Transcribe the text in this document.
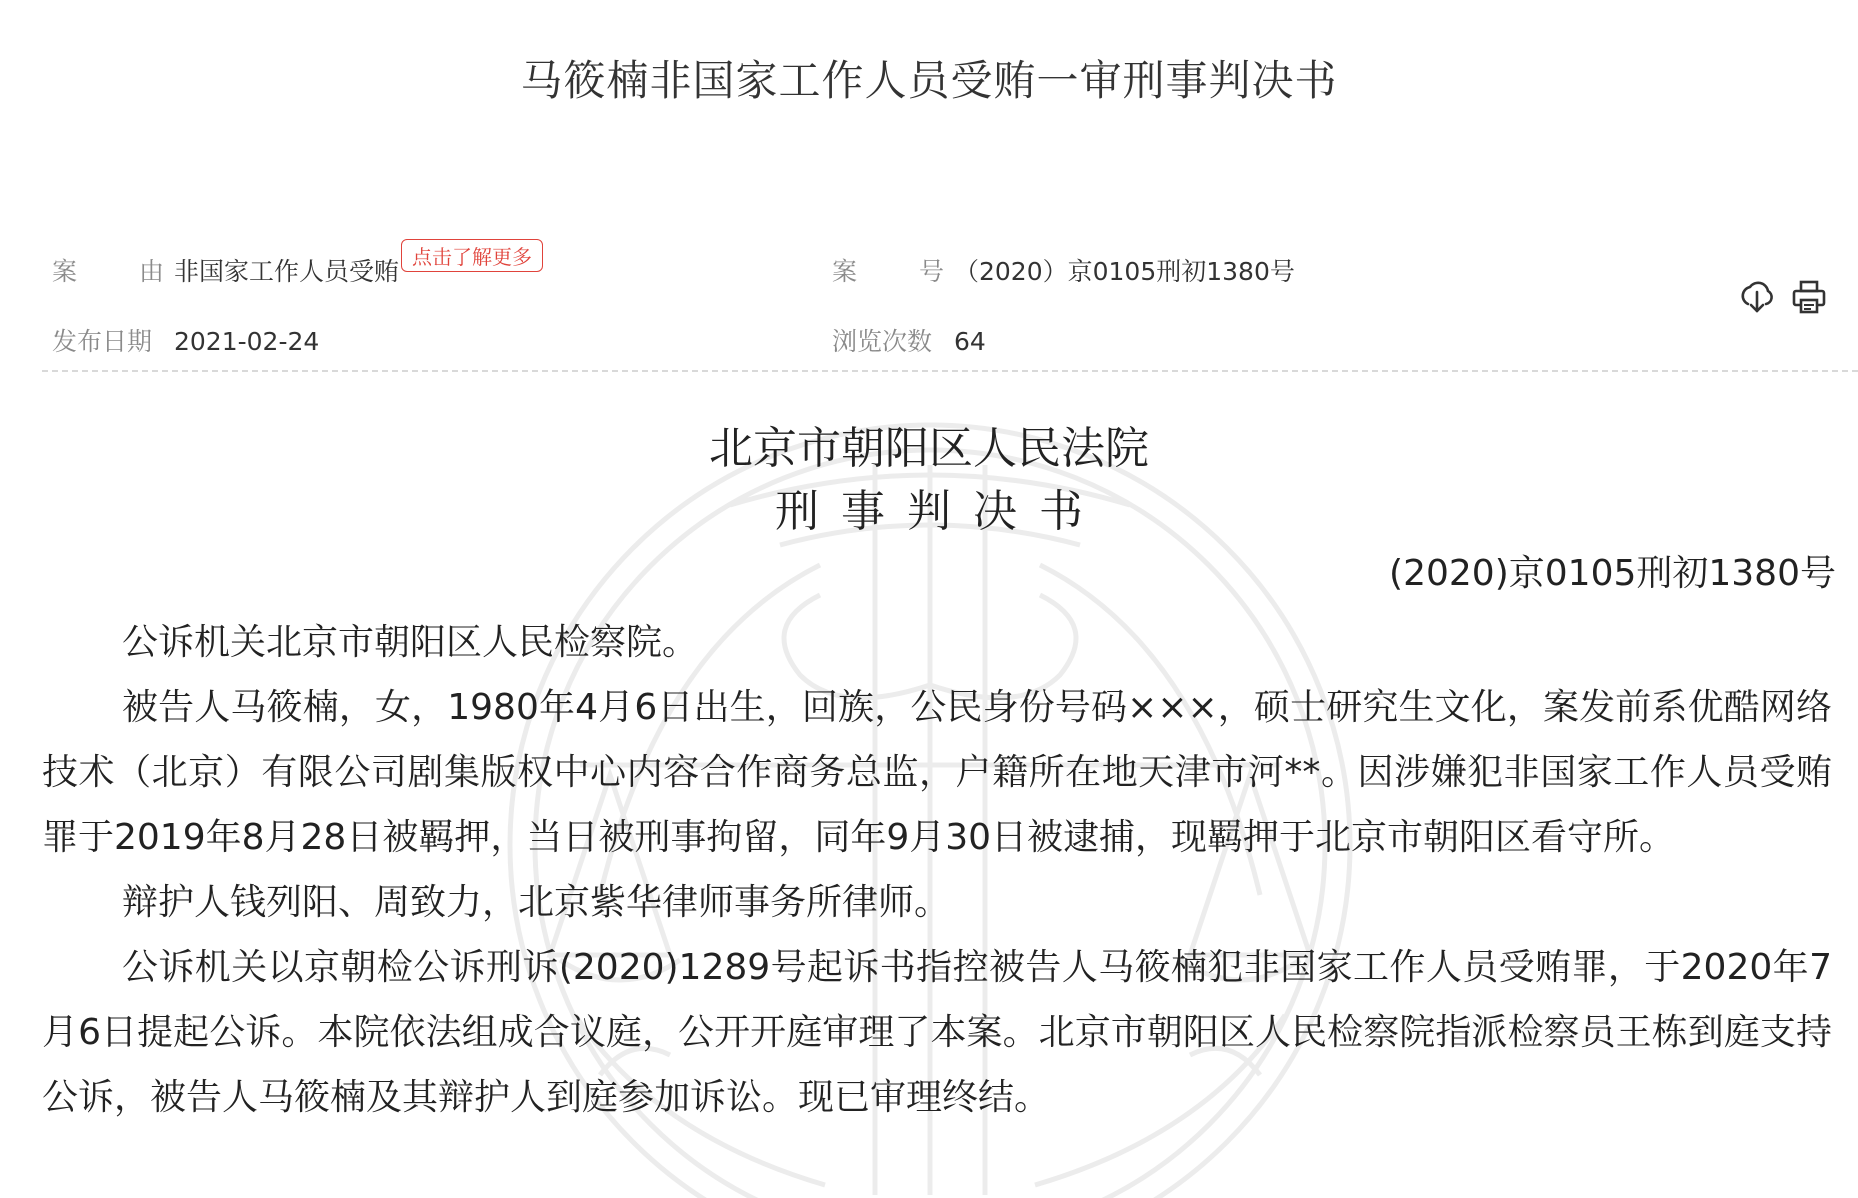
马筱楠非国家工作人员受贿一审刑事判决书
案由 非国家工作人员受贿 点击了解更多	案号 （2020）京0105刑初1380号
发布日期 2021-02-24	浏览次数 64
北京市朝阳区人民法院
刑事判决书
(2020)京0105刑初1380号

公诉机关北京市朝阳区人民检察院。

被告人马筱楠，女，1980年4月6日出生，回族，公民身份号码×××，硕士研究生文化，案发前系优酷网络技术（北京）有限公司剧集版权中心内容合作商务总监，户籍所在地天津市河**。因涉嫌犯非国家工作人员受贿罪于2019年8月28日被羁押，当日被刑事拘留，同年9月30日被逮捕，现羁押于北京市朝阳区看守所。

辩护人钱列阳、周致力，北京紫华律师事务所律师。

公诉机关以京朝检公诉刑诉(2020)1289号起诉书指控被告人马筱楠犯非国家工作人员受贿罪，于2020年7月6日提起公诉。本院依法组成合议庭，公开开庭审理了本案。北京市朝阳区人民检察院指派检察员王栋到庭支持公诉，被告人马筱楠及其辩护人到庭参加诉讼。现已审理终结。
